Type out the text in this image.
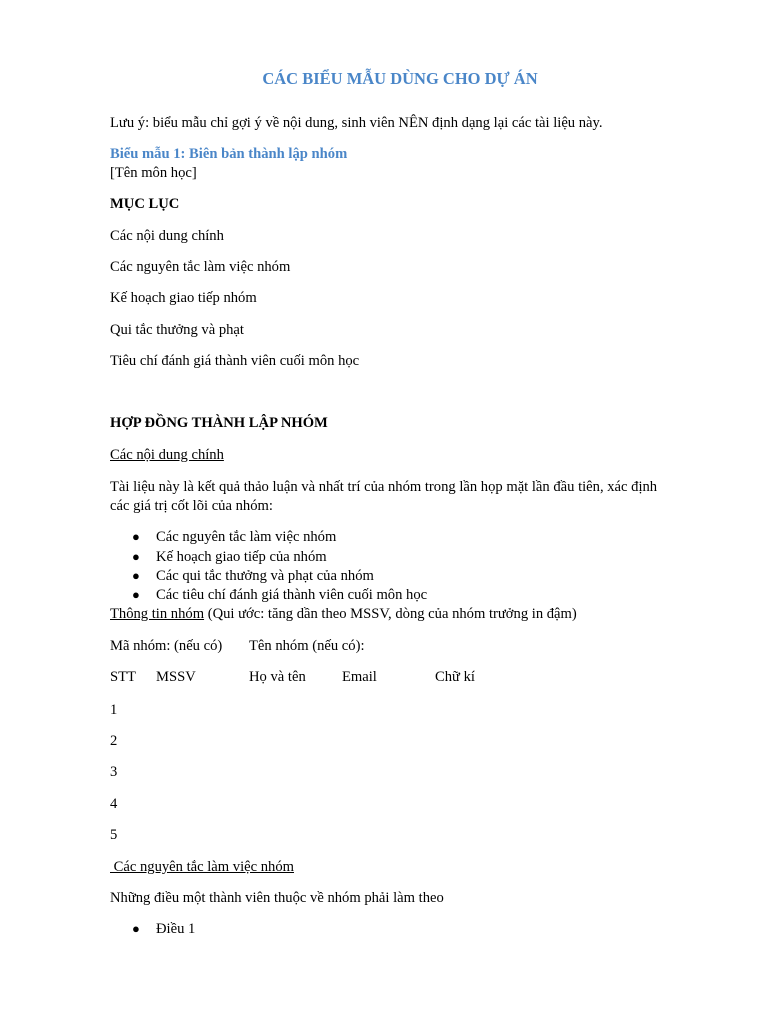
CÁC BIỂU MẪU DÙNG CHO DỰ ÁN
Lưu ý: biểu mẫu chỉ gợi ý về nội dung, sinh viên NÊN định dạng lại các tài liệu này.
Biểu mẫu 1: Biên bản thành lập nhóm
[Tên môn học]
MỤC LỤC
Các nội dung chính
Các nguyên tắc làm việc nhóm
Kế hoạch giao tiếp nhóm
Qui tắc thưởng và phạt
Tiêu chí đánh giá thành viên cuối môn học
HỢP ĐỒNG THÀNH LẬP NHÓM
Các nội dung chính
Tài liệu này là kết quả thảo luận và nhất trí của nhóm trong lần họp mặt lần đầu tiên, xác định
các giá trị cốt lõi của nhóm:
● Các nguyên tắc làm việc nhóm
● Kế hoạch giao tiếp của nhóm
● Các qui tắc thưởng và phạt của nhóm
● Các tiêu chí đánh giá thành viên cuối môn học
Thông tin nhóm (Qui ước: tăng dần theo MSSV, dòng của nhóm trưởng in đậm)
Mã nhóm: (nếu có) Tên nhóm (nếu có):
STT MSSV	Họ và tên Email	Chữ kí
1
2
3
4
5
Các nguyên tắc làm việc nhóm
Những điều một thành viên thuộc về nhóm phải làm theo
● Điều 1
